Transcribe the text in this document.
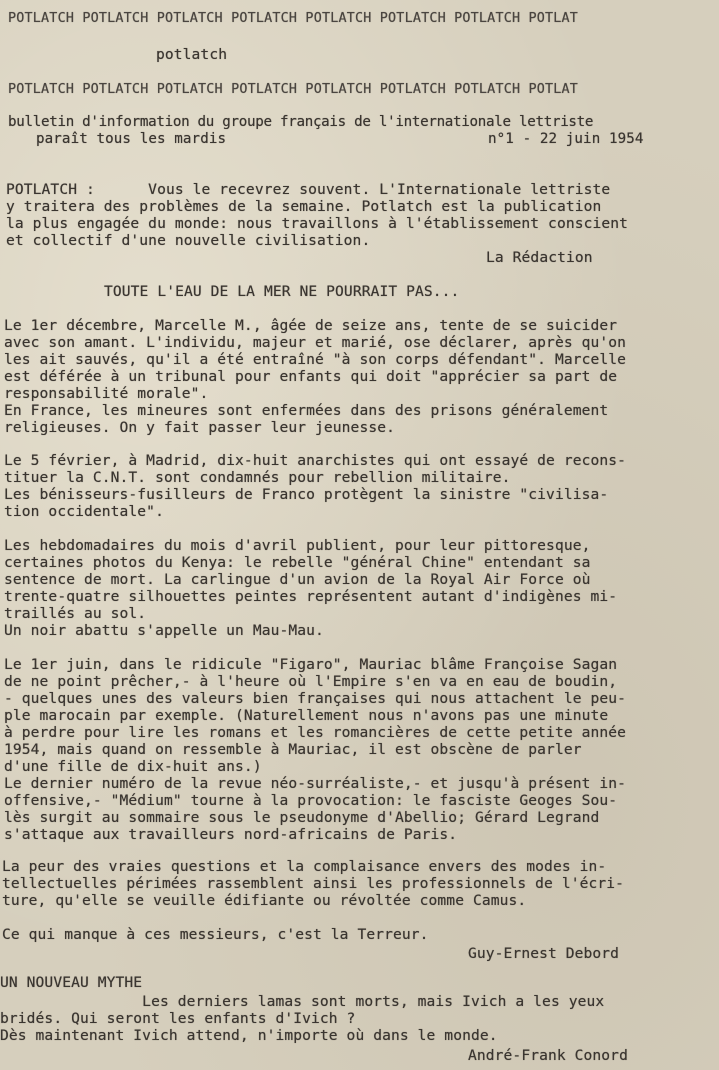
POTLATCH POTLATCH POTLATCH POTLATCH POTLATCH POTLATCH POTLATCH POTLAT
potlatch
POTLATCH POTLATCH POTLATCH POTLATCH POTLATCH POTLATCH POTLATCH POTLAT
bulletin d'information du groupe français de l'internationale lettriste
paraît tous les mardis	n°1 - 22 juin 1954
POTLATCH :      Vous le recevrez souvent. L'Internationale lettriste
y traitera des problèmes de la semaine. Potlatch est la publication
la plus engagée du monde: nous travaillons à l'établissement conscient
et collectif d'une nouvelle civilisation.
La Rédaction
TOUTE L'EAU DE LA MER NE POURRAIT PAS...
Le 1er décembre, Marcelle M., âgée de seize ans, tente de se suicider
avec son amant. L'individu, majeur et marié, ose déclarer, après qu'on
les ait sauvés, qu'il a été entraîné "à son corps défendant". Marcelle
est déférée à un tribunal pour enfants qui doit "apprécier sa part de
responsabilité morale".
En France, les mineures sont enfermées dans des prisons généralement
religieuses. On y fait passer leur jeunesse.
Le 5 février, à Madrid, dix-huit anarchistes qui ont essayé de recons-
tituer la C.N.T. sont condamnés pour rebellion militaire.
Les bénisseurs-fusilleurs de Franco protègent la sinistre "civilisa-
tion occidentale".
Les hebdomadaires du mois d'avril publient, pour leur pittoresque,
certaines photos du Kenya: le rebelle "général Chine" entendant sa
sentence de mort. La carlingue d'un avion de la Royal Air Force où
trente-quatre silhouettes peintes représentent autant d'indigènes mi-
traillés au sol.
Un noir abattu s'appelle un Mau-Mau.
Le 1er juin, dans le ridicule "Figaro", Mauriac blâme Françoise Sagan
de ne point prêcher,- à l'heure où l'Empire s'en va en eau de boudin,
- quelques unes des valeurs bien françaises qui nous attachent le peu-
ple marocain par exemple. (Naturellement nous n'avons pas une minute
à perdre pour lire les romans et les romancières de cette petite année
1954, mais quand on ressemble à Mauriac, il est obscène de parler
d'une fille de dix-huit ans.)
Le dernier numéro de la revue néo-surréaliste,- et jusqu'à présent in-
offensive,- "Médium" tourne à la provocation: le fasciste Geoges Sou-
lès surgit au sommaire sous le pseudonyme d'Abellio; Gérard Legrand
s'attaque aux travailleurs nord-africains de Paris.
La peur des vraies questions et la complaisance envers des modes in-
tellectuelles périmées rassemblent ainsi les professionnels de l'écri-
ture, qu'elle se veuille édifiante ou révoltée comme Camus.
Ce qui manque à ces messieurs, c'est la Terreur.
Guy-Ernest Debord
UN NOUVEAU MYTHE
Les derniers lamas sont morts, mais Ivich a les yeux
bridés. Qui seront les enfants d'Ivich ?
Dès maintenant Ivich attend, n'importe où dans le monde.
André-Frank Conord
